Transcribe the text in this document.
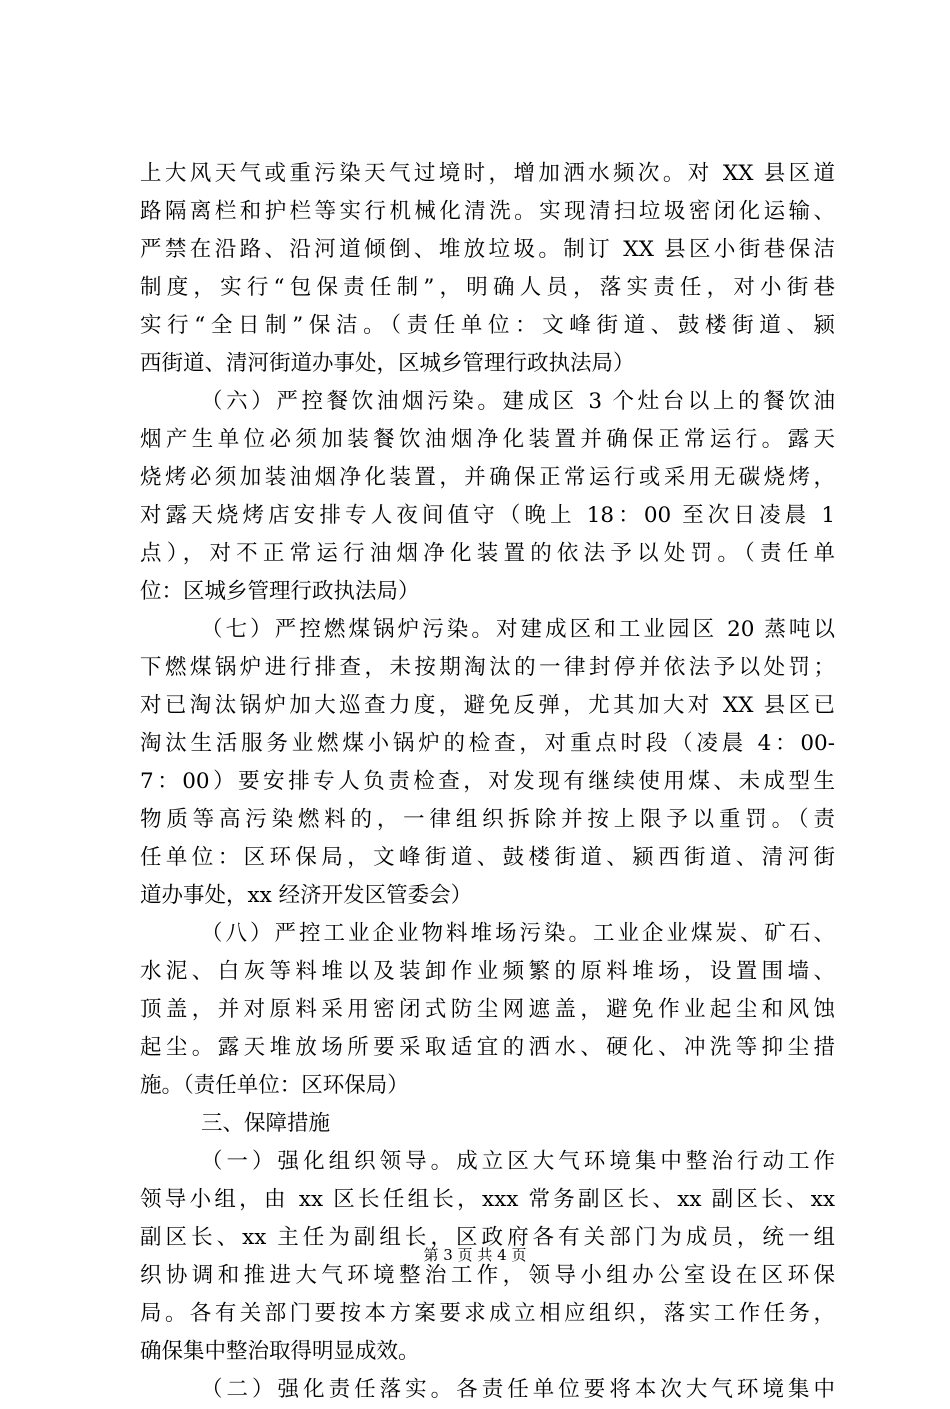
上大风天气或重污染天气过境时，增加洒水频次。对 XX 县区道
路隔离栏和护栏等实行机械化清洗。实现清扫垃圾密闭化运输、
严禁在沿路、沿河道倾倒、堆放垃圾。制订 XX 县区小街巷保洁
制度，实行“包保责任制”，明确人员，落实责任，对小街巷
实行“全日制”保洁。（责任单位：文峰街道、鼓楼街道、颍
西街道、清河街道办事处，区城乡管理行政执法局）
（六）严控餐饮油烟污染。建成区 3 个灶台以上的餐饮油
烟产生单位必须加装餐饮油烟净化装置并确保正常运行。露天
烧烤必须加装油烟净化装置，并确保正常运行或采用无碳烧烤，
对露天烧烤店安排专人夜间值守（晚上 18：00 至次日凌晨 1
点），对不正常运行油烟净化装置的依法予以处罚。（责任单
位：区城乡管理行政执法局）
（七）严控燃煤锅炉污染。对建成区和工业园区 20 蒸吨以
下燃煤锅炉进行排查，未按期淘汰的一律封停并依法予以处罚；
对已淘汰锅炉加大巡查力度，避免反弹，尤其加大对 XX 县区已
淘汰生活服务业燃煤小锅炉的检查，对重点时段（凌晨 4：00-
7：00）要安排专人负责检查，对发现有继续使用煤、未成型生
物质等高污染燃料的，一律组织拆除并按上限予以重罚。（责
任单位：区环保局，文峰街道、鼓楼街道、颍西街道、清河街
道办事处，xx 经济开发区管委会）
（八）严控工业企业物料堆场污染。工业企业煤炭、矿石、
水泥、白灰等料堆以及装卸作业频繁的原料堆场，设置围墙、
顶盖，并对原料采用密闭式防尘网遮盖，避免作业起尘和风蚀
起尘。露天堆放场所要采取适宜的洒水、硬化、冲洗等抑尘措
施。（责任单位：区环保局）
三、保障措施
（一）强化组织领导。成立区大气环境集中整治行动工作
领导小组，由 xx 区长任组长，xxx 常务副区长、xx 副区长、xx
副区长、xx 主任为副组长，区政府各有关部门为成员，统一组
织协调和推进大气环境整治工作，领导小组办公室设在区环保
局。各有关部门要按本方案要求成立相应组织，落实工作任务，
确保集中整治取得明显成效。
（二）强化责任落实。各责任单位要将本次大气环境集中
第 3 页 共 4 页
